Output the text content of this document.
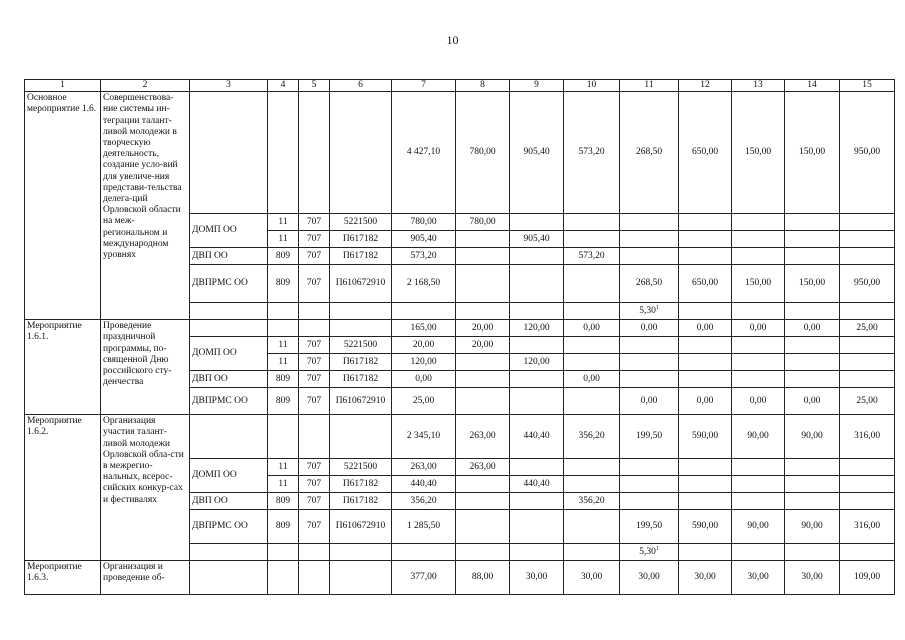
10
1	2	3	4	5	6	7	8	9	10	11	12	13	14	15
Основное мероприятие 1.6.	Совершенствова-ние системы ин-теграции талант-ливой молодежи в творческую деятельность, создание усло-вий для увеличе-ния представи-тельства делега-ций Орловской области на меж-региональном и международном уровнях					4 427,10	780,00	905,40	573,20	268,50	650,00	150,00	150,00	950,00
		ДОМП ОО	11	707	5221500	780,00	780,00							
			11	707	П617182	905,40		905,40						
		ДВП ОО	809	707	П617182	573,20			573,20					
		ДВПРМС ОО	809	707	П610672910	2 168,50				268,50	650,00	150,00	150,00	950,00
										5,30$^1$				
Мероприятие 1.6.1.	Проведение праздничной программы, по-священной Дню российского сту-денчества					165,00	20,00	120,00	0,00	0,00	0,00	0,00	0,00	25,00
		ДОМП ОО	11	707	5221500	20,00	20,00							
			11	707	П617182	120,00		120,00						
		ДВП ОО	809	707	П617182	0,00			0,00					
		ДВПРМС ОО	809	707	П610672910	25,00				0,00	0,00	0,00	0,00	25,00
Мероприятие 1.6.2.	Организация участия талант-ливой молодежи Орловской обла-сти в межрегио-нальных, всерос-сийских конкур-сах и фестивалях					2 345,10	263,00	440,40	356,20	199,50	590,00	90,00	90,00	316,00
		ДОМП ОО	11	707	5221500	263,00	263,00							
			11	707	П617182	440,40		440,40						
		ДВП ОО	809	707	П617182	356,20			356,20					
		ДВПРМС ОО	809	707	П610672910	1 285,50				199,50	590,00	90,00	90,00	316,00
										5,30$^1$				
Мероприятие 1.6.3.	Организация и проведение об-					377,00	88,00	30,00	30,00	30,00	30,00	30,00	30,00	109,00
